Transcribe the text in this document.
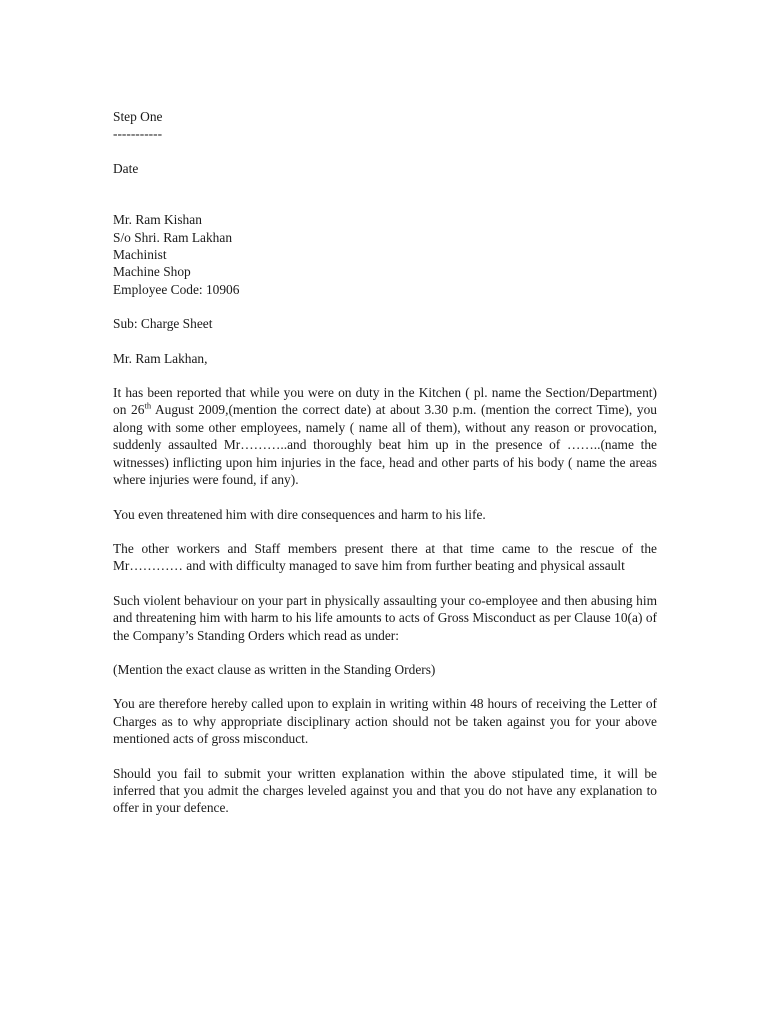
Step One
-----------
Date
Mr. Ram Kishan
S/o Shri. Ram Lakhan
Machinist
Machine Shop
Employee Code: 10906

Sub: Charge Sheet

Mr. Ram Lakhan,

It has been reported that while you were on duty in the Kitchen ( pl. name the Section/Department) on 26th August 2009,(mention the correct date) at about 3.30 p.m. (mention the correct Time), you along with some other employees, namely ( name all of them), without any reason or provocation, suddenly assaulted Mr………..and thoroughly beat him up in the presence of ……..(name the witnesses) inflicting upon him injuries in the face, head and other parts of his body ( name the areas where injuries were found, if any).

You even threatened him with dire consequences and harm to his life.

The other workers and Staff members present there at that time came to the rescue of the Mr………… and with difficulty managed to save him from further beating and physical assault

Such violent behaviour on your part in physically assaulting your co-employee and then abusing him and threatening him with harm to his life amounts to acts of Gross Misconduct as per Clause 10(a) of the Company’s Standing Orders which read as under:

(Mention the exact clause as written in the Standing Orders)

You are therefore hereby called upon to explain in writing within 48 hours of receiving the Letter of Charges as to why appropriate disciplinary action should not be taken against you for your above mentioned acts of gross misconduct.

Should you fail to submit your written explanation within the above stipulated time, it will be inferred that you admit the charges leveled against you and that you do not have any explanation to offer in your defence.
